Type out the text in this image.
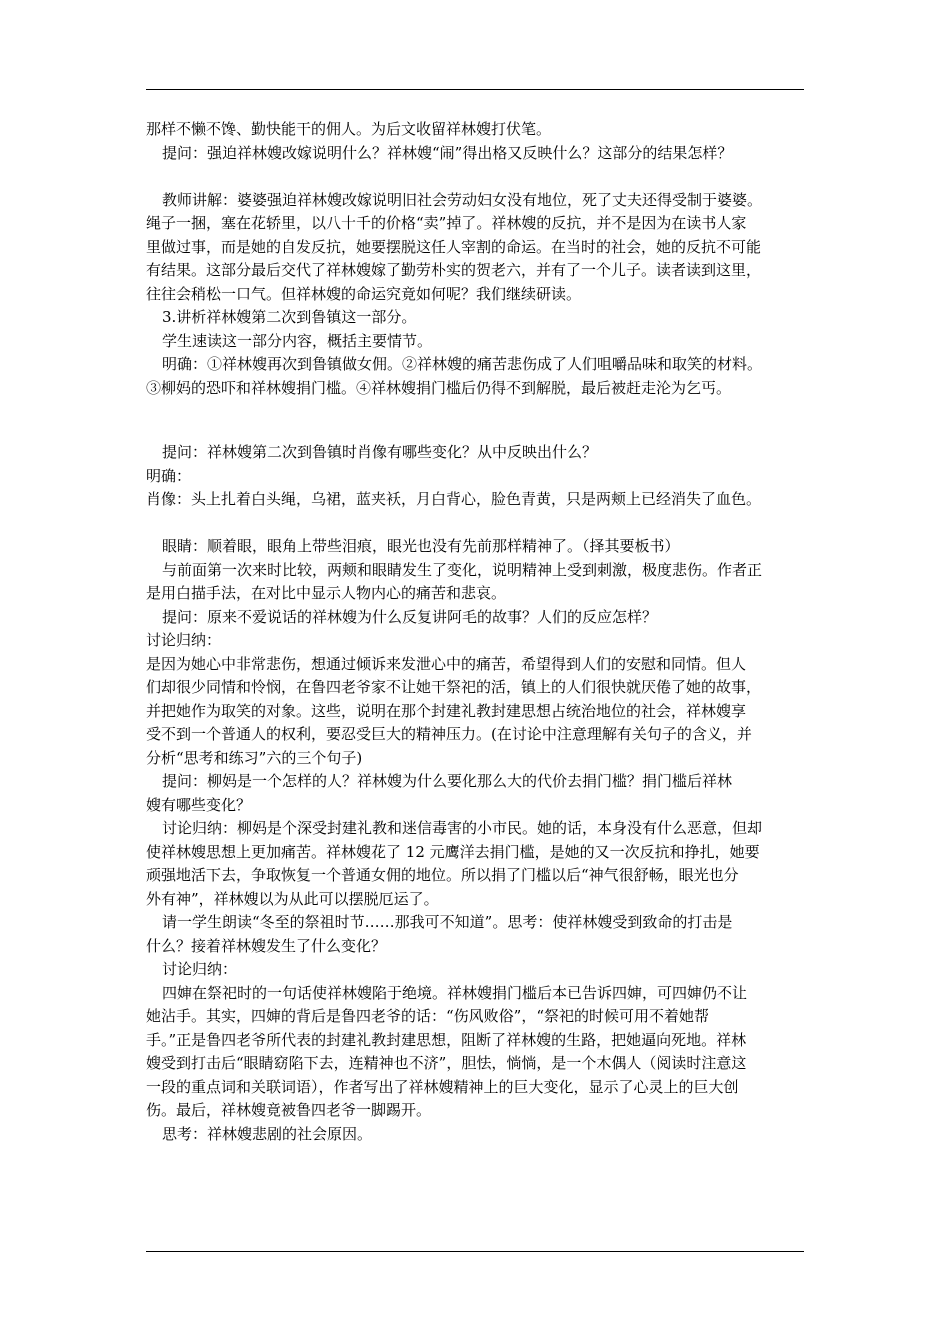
那样不懒不馋、勤快能干的佣人。为后文收留祥林嫂打伏笔。
提问：强迫祥林嫂改嫁说明什么？祥林嫂“闹”得出格又反映什么？这部分的结果怎样？
教师讲解：婆婆强迫祥林嫂改嫁说明旧社会劳动妇女没有地位，死了丈夫还得受制于婆婆。
绳子一捆，塞在花轿里，以八十千的价格“卖”掉了。祥林嫂的反抗，并不是因为在读书人家
里做过事，而是她的自发反抗，她要摆脱这任人宰割的命运。在当时的社会，她的反抗不可能
有结果。这部分最后交代了祥林嫂嫁了勤劳朴实的贺老六，并有了一个儿子。读者读到这里，
往往会稍松一口气。但祥林嫂的命运究竟如何呢？我们继续研读。
3.讲析祥林嫂第二次到鲁镇这一部分。
学生速读这一部分内容，概括主要情节。
明确：①祥林嫂再次到鲁镇做女佣。②祥林嫂的痛苦悲伤成了人们咀嚼品味和取笑的材料。
③柳妈的恐吓和祥林嫂捐门槛。④祥林嫂捐门槛后仍得不到解脱，最后被赶走沦为乞丐。
提问：祥林嫂第二次到鲁镇时肖像有哪些变化？从中反映出什么？
明确：
肖像：头上扎着白头绳，乌裙，蓝夹袄，月白背心，脸色青黄，只是两颊上已经消失了血色。
眼睛：顺着眼，眼角上带些泪痕，眼光也没有先前那样精神了。（择其要板书）
与前面第一次来时比较，两颊和眼睛发生了变化，说明精神上受到刺激，极度悲伤。作者正
是用白描手法，在对比中显示人物内心的痛苦和悲哀。
提问：原来不爱说话的祥林嫂为什么反复讲阿毛的故事？人们的反应怎样？
讨论归纳：
是因为她心中非常悲伤，想通过倾诉来发泄心中的痛苦，希望得到人们的安慰和同情。但人
们却很少同情和怜悯，在鲁四老爷家不让她干祭祀的活，镇上的人们很快就厌倦了她的故事，
并把她作为取笑的对象。这些，说明在那个封建礼教封建思想占统治地位的社会，祥林嫂享
受不到一个普通人的权利，要忍受巨大的精神压力。(在讨论中注意理解有关句子的含义，并
分析“思考和练习”六的三个句子)
提问：柳妈是一个怎样的人？祥林嫂为什么要化那么大的代价去捐门槛？捐门槛后祥林
嫂有哪些变化？
讨论归纳：柳妈是个深受封建礼教和迷信毒害的小市民。她的话，本身没有什么恶意，但却
使祥林嫂思想上更加痛苦。祥林嫂花了 12 元鹰洋去捐门槛，是她的又一次反抗和挣扎，她要
顽强地活下去，争取恢复一个普通女佣的地位。所以捐了门槛以后“神气很舒畅，眼光也分
外有神”，祥林嫂以为从此可以摆脱厄运了。
请一学生朗读“冬至的祭祖时节……那我可不知道”。思考：使祥林嫂受到致命的打击是
什么？接着祥林嫂发生了什么变化？
讨论归纳：
四婶在祭祀时的一句话使祥林嫂陷于绝境。祥林嫂捐门槛后本已告诉四婶，可四婶仍不让
她沾手。其实，四婶的背后是鲁四老爷的话：“伤风败俗”，“祭祀的时候可用不着她帮
手。”正是鲁四老爷所代表的封建礼教封建思想，阻断了祥林嫂的生路，把她逼向死地。祥林
嫂受到打击后“眼睛窈陷下去，连精神也不济”，胆怯，惝惝，是一个木偶人（阅读时注意这
一段的重点词和关联词语），作者写出了祥林嫂精神上的巨大变化，显示了心灵上的巨大创
伤。最后，祥林嫂竟被鲁四老爷一脚踢开。
思考：祥林嫂悲剧的社会原因。
